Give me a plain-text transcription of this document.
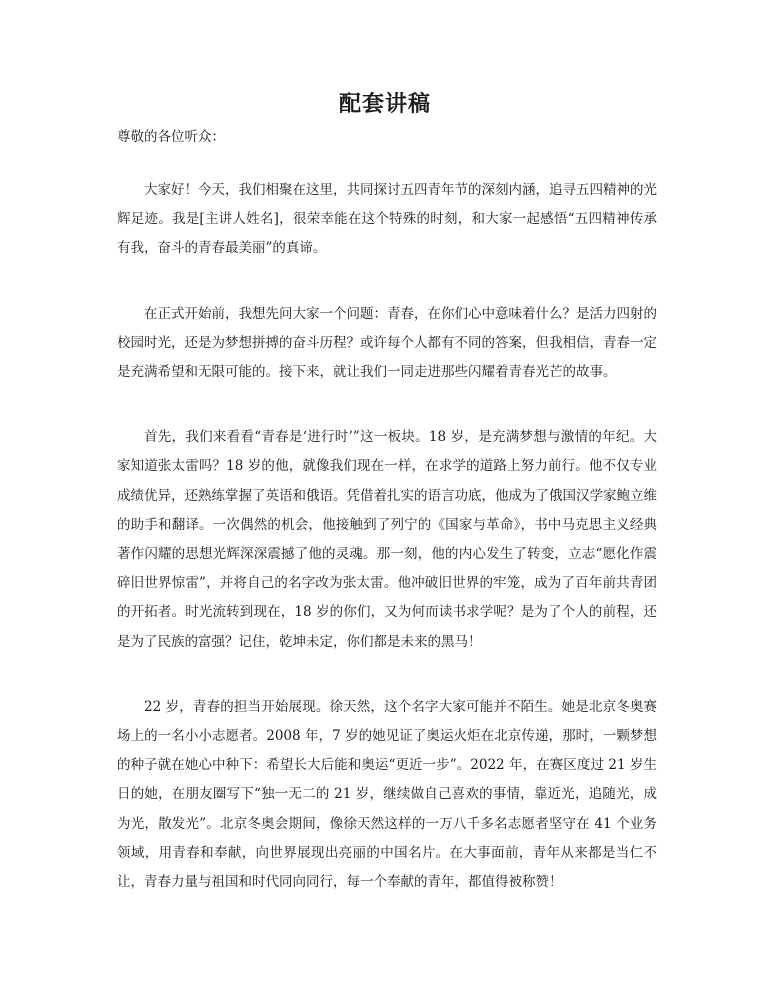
配套讲稿
尊敬的各位听众：

大家好！今天，我们相聚在这里，共同探讨五四青年节的深刻内涵，追寻五四精神的光辉足迹。我是[主讲人姓名]，很荣幸能在这个特殊的时刻，和大家一起感悟“五四精神传承有我，奋斗的青春最美丽”的真谛。

在正式开始前，我想先问大家一个问题：青春，在你们心中意味着什么？是活力四射的校园时光，还是为梦想拼搏的奋斗历程？或许每个人都有不同的答案，但我相信，青春一定是充满希望和无限可能的。接下来，就让我们一同走进那些闪耀着青春光芒的故事。

首先，我们来看看“青春是‘进行时’”这一板块。18 岁，是充满梦想与激情的年纪。大家知道张太雷吗？18 岁的他，就像我们现在一样，在求学的道路上努力前行。他不仅专业成绩优异，还熟练掌握了英语和俄语。凭借着扎实的语言功底，他成为了俄国汉学家鲍立维的助手和翻译。一次偶然的机会，他接触到了列宁的《国家与革命》，书中马克思主义经典著作闪耀的思想光辉深深震撼了他的灵魂。那一刻，他的内心发生了转变，立志“愿化作震碎旧世界惊雷”，并将自己的名字改为张太雷。他冲破旧世界的牢笼，成为了百年前共青团的开拓者。时光流转到现在，18 岁的你们，又为何而读书求学呢？是为了个人的前程，还是为了民族的富强？记住，乾坤未定，你们都是未来的黑马！

22 岁，青春的担当开始展现。徐天然，这个名字大家可能并不陌生。她是北京冬奥赛场上的一名小小志愿者。2008 年，7 岁的她见证了奥运火炬在北京传递，那时，一颗梦想的种子就在她心中种下：希望长大后能和奥运“更近一步”。2022 年，在赛区度过 21 岁生日的她，在朋友圈写下“独一无二的 21 岁，继续做自己喜欢的事情，靠近光，追随光，成为光，散发光”。北京冬奥会期间，像徐天然这样的一万八千多名志愿者坚守在 41 个业务领域，用青春和奉献，向世界展现出亮丽的中国名片。在大事面前，青年从来都是当仁不让，青春力量与祖国和时代同向同行，每一个奉献的青年，都值得被称赞！
